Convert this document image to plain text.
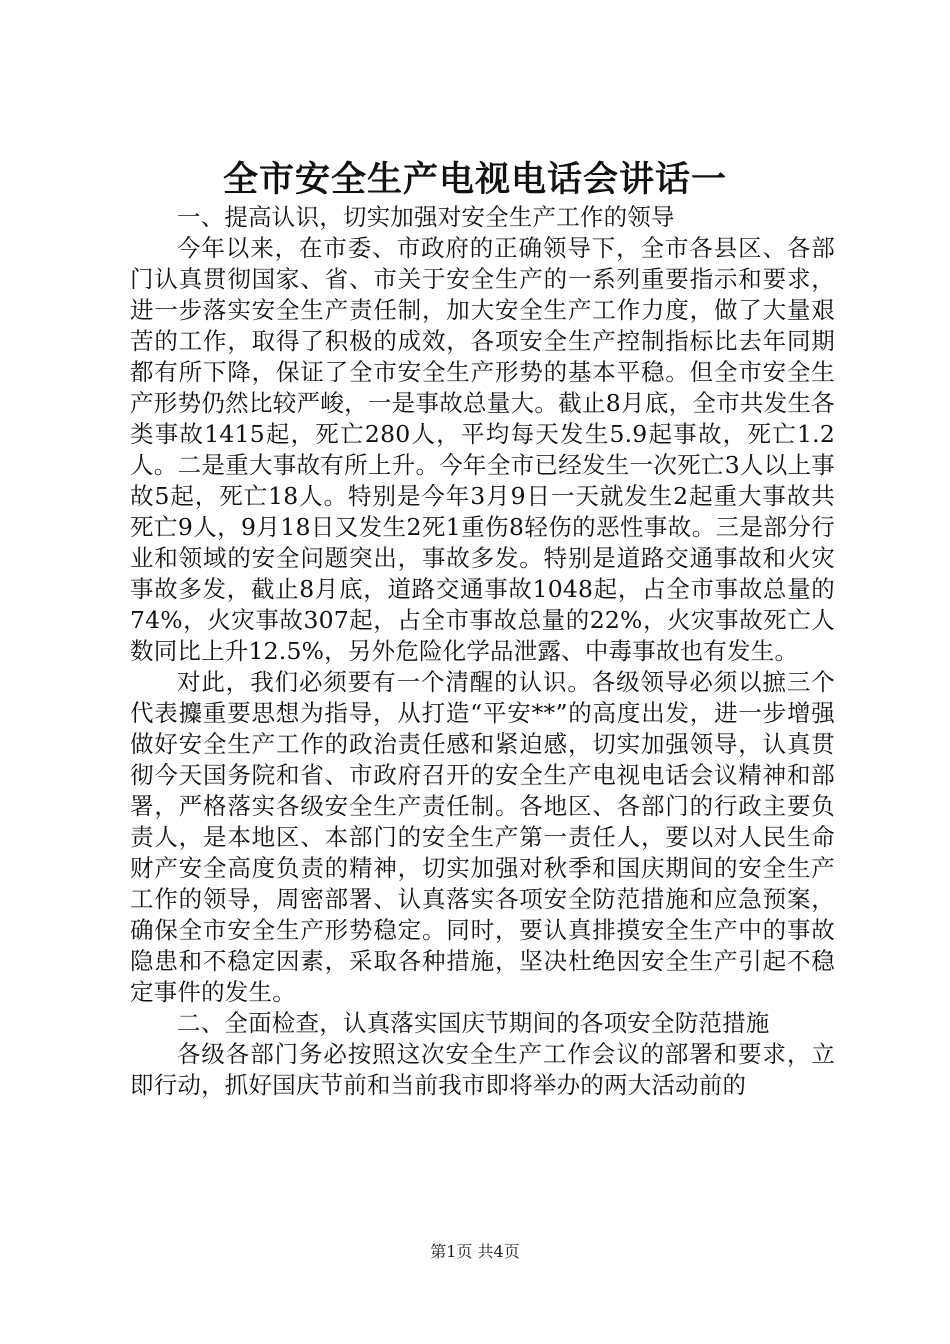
全市安全生产电视电话会讲话一

一、提高认识，切实加强对安全生产工作的领导

今年以来，在市委、市政府的正确领导下，全市各县区、各部门认真贯彻国家、省、市关于安全生产的一系列重要指示和要求，进一步落实安全生产责任制，加大安全生产工作力度，做了大量艰苦的工作，取得了积极的成效，各项安全生产控制指标比去年同期都有所下降，保证了全市安全生产形势的基本平稳。但全市安全生产形势仍然比较严峻，一是事故总量大。截止8月底，全市共发生各类事故1415起，死亡280人，平均每天发生5.9起事故，死亡1.2人。二是重大事故有所上升。今年全市已经发生一次死亡3人以上事故5起，死亡18人。特别是今年3月9日一天就发生2起重大事故共死亡9人，9月18日又发生2死1重伤8轻伤的恶性事故。三是部分行业和领域的安全问题突出，事故多发。特别是道路交通事故和火灾事故多发，截止8月底，道路交通事故1048起，占全市事故总量的74%，火灾事故307起，占全市事故总量的22%，火灾事故死亡人数同比上升12.5%，另外危险化学品泄露、中毒事故也有发生。

对此，我们必须要有一个清醒的认识。各级领导必须以摭三个代表攗重要思想为指导，从打造“平安**”的高度出发，进一步增强做好安全生产工作的政治责任感和紧迫感，切实加强领导，认真贯彻今天国务院和省、市政府召开的安全生产电视电话会议精神和部署，严格落实各级安全生产责任制。各地区、各部门的行政主要负责人，是本地区、本部门的安全生产第一责任人，要以对人民生命财产安全高度负责的精神，切实加强对秋季和国庆期间的安全生产工作的领导，周密部署、认真落实各项安全防范措施和应急预案，确保全市安全生产形势稳定。同时，要认真排摸安全生产中的事故隐患和不稳定因素，采取各种措施，坚决杜绝因安全生产引起不稳定事件的发生。

二、全面检查，认真落实国庆节期间的各项安全防范措施

各级各部门务必按照这次安全生产工作会议的部署和要求，立即行动，抓好国庆节前和当前我市即将举办的两大活动前的

第1页 共4页
